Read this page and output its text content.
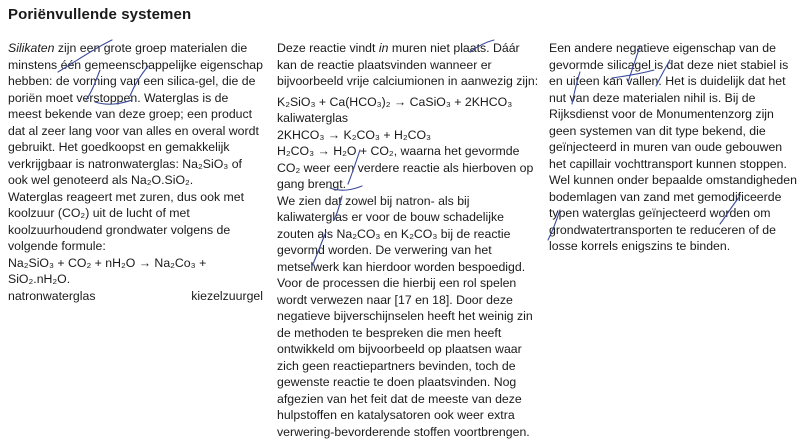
Poriënvullende systemen

Silikaten zijn een grote groep materialen die minstens één gemeenschappelijke eigenschap hebben: de vorming van een silica-gel, die de poriën moet verstoppen. Waterglas is de meest bekende van deze groep; een product dat al zeer lang voor van alles en overal wordt gebruikt. Het goedkoopst en gemakkelijk verkrijgbaar is natronwaterglas: Na₂SiO₃ of ook wel genoteerd als Na₂O.SiO₂.

Waterglas reageert met zuren, dus ook met koolzuur (CO₂) uit de lucht of met koolzuurhoudend grondwater volgens de volgende formule:

Na₂SiO₃ + CO₂ + nH₂O → Na₂Co₃ + SiO₂.nH₂O.
natronwaterglas	kiezelzuurgel

Deze reactie vindt in muren niet plaats. Dáár kan de reactie plaatsvinden wanneer er bijvoorbeeld vrije calciumionen in aanwezig zijn:

K₂SiO₃ + Ca(HCO₃)₂ → CaSiO₃ + 2KHCO₃
kaliwaterglas
2KHCO₃ → K₂CO₃ + H₂CO₃

H₂CO₃ → H₂O + CO₂, waarna het gevormde CO₂ weer een verdere reactie als hierboven op gang brengt.

We zien dat zowel bij natron- als bij kaliwaterglas er voor de bouw schadelijke zouten als Na₂CO₃ en K₂CO₃ bij de reactie gevormd worden. De verwering van het metselwerk kan hierdoor worden bespoedigd. Voor de processen die hierbij een rol spelen wordt verwezen naar [17 en 18]. Door deze negatieve bijverschijnselen heeft het weinig zin de methoden te bespreken die men heeft ontwikkeld om bijvoorbeeld op plaatsen waar zich geen reactiepartners bevinden, toch de gewenste reactie te doen plaatsvinden. Nog afgezien van het feit dat de meeste van deze hulpstoffen en katalysatoren ook weer extra verwering-bevorderende stoffen voortbrengen.

Een andere negatieve eigenschap van de gevormde silicagel is dat deze niet stabiel is en uiteen kan vallen. Het is duidelijk dat het nut van deze materialen nihil is. Bij de Rijksdienst voor de Monumentenzorg zijn geen systemen van dit type bekend, die geïnjecteerd in muren van oude gebouwen het capillair vochttransport kunnen stoppen. Wel kunnen onder bepaalde omstandigheden bodemlagen van zand met gemodificeerde typen waterglas geïnjecteerd worden om grondwatertransporten te reduceren of de losse korrels enigszins te binden.
